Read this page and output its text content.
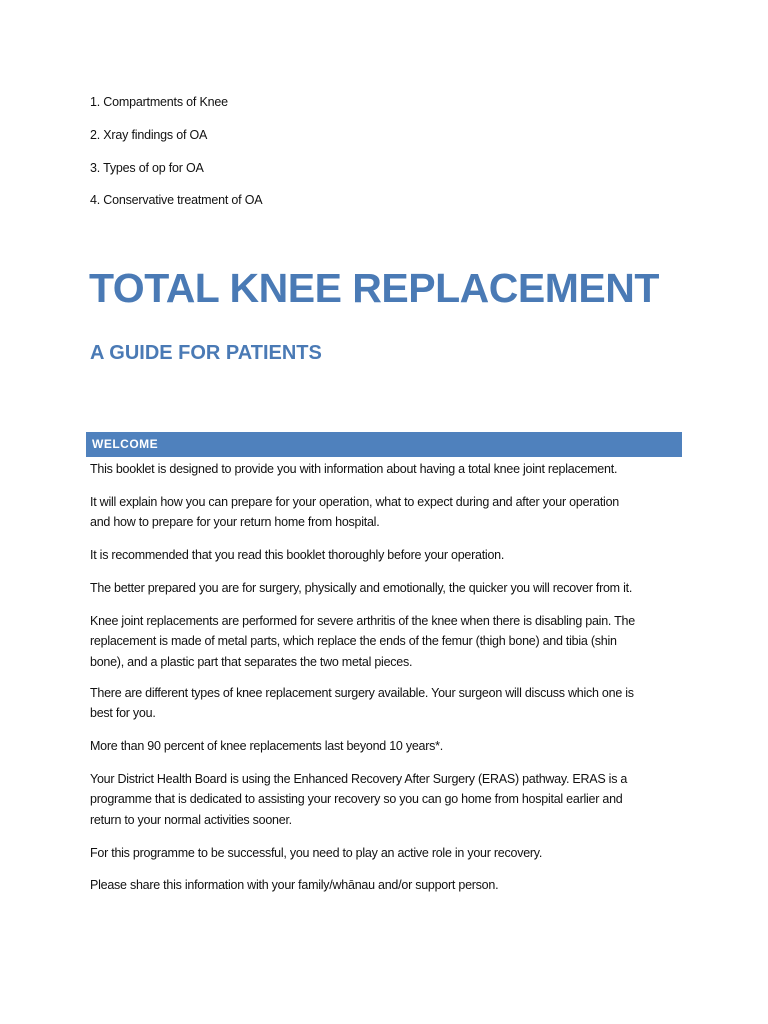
1. Compartments of Knee
2. Xray findings of OA
3. Types of op for OA
4. Conservative treatment of OA
TOTAL KNEE REPLACEMENT
A GUIDE FOR PATIENTS
WELCOME
This booklet is designed to provide you with information about having a total knee joint replacement.
It will explain how you can prepare for your operation, what to expect during and after your operation
and how to prepare for your return home from hospital.
It is recommended that you read this booklet thoroughly before your operation.
The better prepared you are for surgery, physically and emotionally, the quicker you will recover from it.
Knee joint replacements are performed for severe arthritis of the knee when there is disabling pain. The
replacement is made of metal parts, which replace the ends of the femur (thigh bone) and tibia (shin
bone), and a plastic part that separates the two metal pieces.
There are different types of knee replacement surgery available. Your surgeon will discuss which one is
best for you.
More than 90 percent of knee replacements last beyond 10 years*.
Your District Health Board is using the Enhanced Recovery After Surgery (ERAS) pathway. ERAS is a
programme that is dedicated to assisting your recovery so you can go home from hospital earlier and
return to your normal activities sooner.
For this programme to be successful, you need to play an active role in your recovery.
Please share this information with your family/whānau and/or support person.
